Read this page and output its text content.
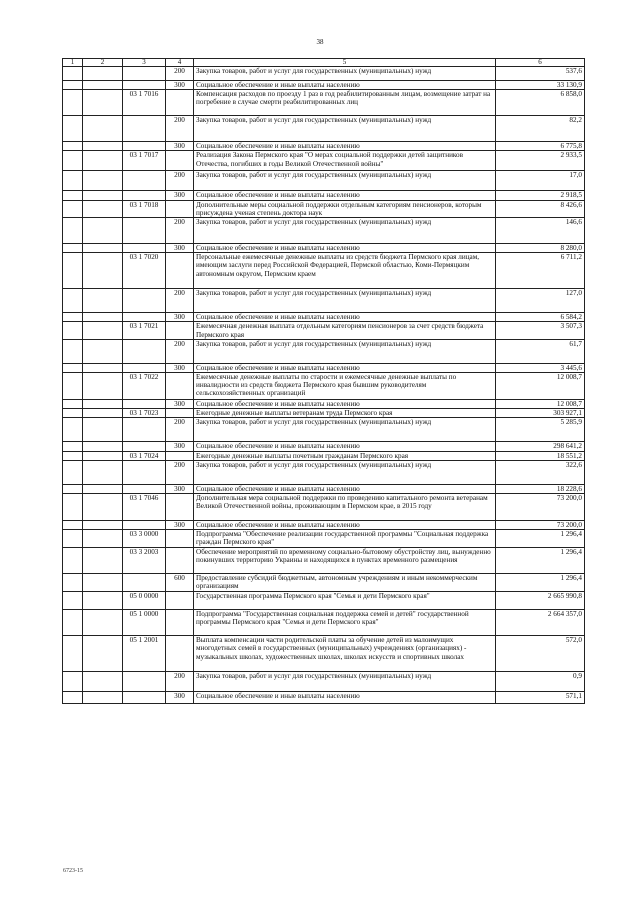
38
1	2	3	4	5	6
			200	Закупка товаров, работ и услуг для государственных (муниципальных) нужд	537,6
			300	Социальное обеспечение и иные выплаты населению	33 130,9
		03 1 7016		Компенсация расходов по проезду 1 раз в год реабилитированным лицам, возмещение затрат на погребение в случае смерти реабилитированных лиц	6 858,0
			200	Закупка товаров, работ и услуг для государственных (муниципальных) нужд	82,2
			300	Социальное обеспечение и иные выплаты населению	6 775,8
		03 1 7017		Реализация Закона Пермского края "О мерах социальной поддержки детей защитников Отечества, погибших в годы Великой Отечественной войны"	2 933,5
			200	Закупка товаров, работ и услуг для государственных (муниципальных) нужд	17,0
			300	Социальное обеспечение и иные выплаты населению	2 918,5
		03 1 7018		Дополнительные меры социальной поддержки отдельным категориям пенсионеров, которым присуждена ученая степень доктора наук	8 426,6
			200	Закупка товаров, работ и услуг для государственных (муниципальных) нужд	146,6
			300	Социальное обеспечение и иные выплаты населению	8 280,0
		03 1 7020		Персональные ежемесячные денежные выплаты из средств бюджета Пермского края лицам, имеющим заслуги перед Российской Федерацией, Пермской областью, Коми-Пермяцким автономным округом, Пермским краем	6 711,2
			200	Закупка товаров, работ и услуг для государственных (муниципальных) нужд	127,0
			300	Социальное обеспечение и иные выплаты населению	6 584,2
		03 1 7021		Ежемесячная денежная выплата отдельным категориям пенсионеров за счет средств бюджета Пермского края	3 507,3
			200	Закупка товаров, работ и услуг для государственных (муниципальных) нужд	61,7
			300	Социальное обеспечение и иные выплаты населению	3 445,6
		03 1 7022		Ежемесячные денежные выплаты по старости и ежемесячные денежные выплаты по инвалидности из средств бюджета Пермского края бывшим руководителям сельскохозяйственных организаций	12 008,7
			300	Социальное обеспечение и иные выплаты населению	12 008,7
		03 1 7023		Ежегодные денежные выплаты ветеранам труда Пермского края	303 927,1
			200	Закупка товаров, работ и услуг для государственных (муниципальных) нужд	5 285,9
			300	Социальное обеспечение и иные выплаты населению	298 641,2
		03 1 7024		Ежегодные денежные выплаты почетным гражданам Пермского края	18 551,2
			200	Закупка товаров, работ и услуг для государственных (муниципальных) нужд	322,6
			300	Социальное обеспечение и иные выплаты населению	18 228,6
		03 1 7046		Дополнительная мера социальной поддержки по проведению капитального ремонта ветеранам Великой Отечественной войны, проживающим в Пермском крае, в 2015 году	73 200,0
			300	Социальное обеспечение и иные выплаты населению	73 200,0
		03 3 0000		Подпрограмма "Обеспечение реализации государственной программы "Социальная поддержка граждан Пермского края"	1 296,4
		03 3 2003		Обеспечение мероприятий по временному социально-бытовому обустройству лиц, вынужденно покинувших территорию Украины и находящихся в пунктах временного размещения	1 296,4
			600	Предоставление субсидий бюджетным, автономным учреждениям и иным некоммерческим организациям	1 296,4
		05 0 0000		Государственная программа Пермского края "Семья и дети Пермского края"	2 665 990,8
		05 1 0000		Подпрограмма "Государственная социальная поддержка семей и детей" государственной программы Пермского края "Семья и дети Пермского края"	2 664 357,0
		05 1 2001		Выплата компенсации части родительской платы за обучение детей из малоимущих многодетных семей в государственных (муниципальных) учреждениях (организациях) - музыкальных школах, художественных школах, школах искусств и спортивных школах	572,0
			200	Закупка товаров, работ и услуг для государственных (муниципальных) нужд	0,9
			300	Социальное обеспечение и иные выплаты населению	571,1
6723-15
